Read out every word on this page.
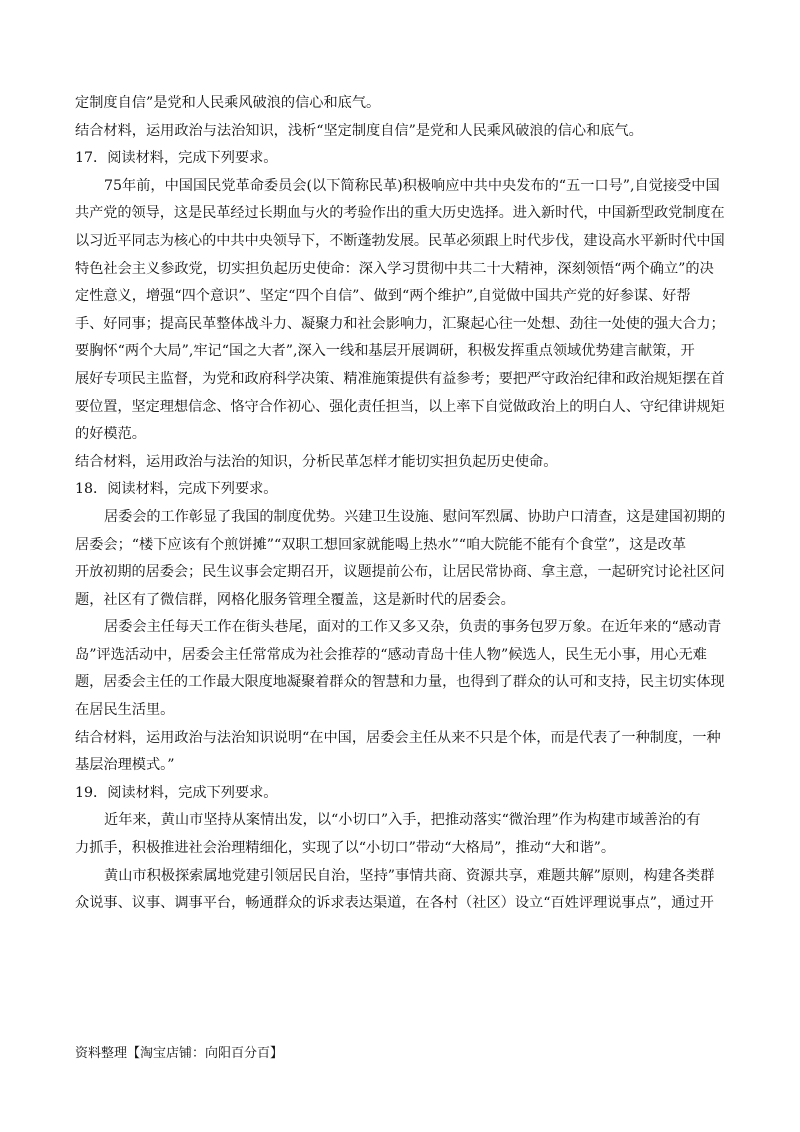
定制度自信”是党和人民乘风破浪的信心和底气。
结合材料，运用政治与法治知识，浅析“坚定制度自信”是党和人民乘风破浪的信心和底气。
17．阅读材料，完成下列要求。
75年前，中国国民党革命委员会(以下简称民革)积极响应中共中央发布的“五一口号”,自觉接受中国
共产党的领导，这是民革经过长期血与火的考验作出的重大历史选择。进入新时代，中国新型政党制度在
以习近平同志为核心的中共中央领导下，不断蓬勃发展。民革必须跟上时代步伐，建设高水平新时代中国
特色社会主义参政党，切实担负起历史使命：深入学习贯彻中共二十大精神，深刻领悟“两个确立”的决
定性意义，增强“四个意识”、坚定“四个自信”、做到“两个维护”,自觉做中国共产党的好参谋、好帮
手、好同事；提高民革整体战斗力、凝聚力和社会影响力，汇聚起心往一处想、劲往一处使的强大合力；
要胸怀“两个大局”,牢记“国之大者”,深入一线和基层开展调研，积极发挥重点领域优势建言献策，开
展好专项民主监督，为党和政府科学决策、精准施策提供有益参考；要把严守政治纪律和政治规矩摆在首
要位置，坚定理想信念、恪守合作初心、强化责任担当，以上率下自觉做政治上的明白人、守纪律讲规矩
的好模范。
结合材料，运用政治与法治的知识，分析民革怎样才能切实担负起历史使命。
18．阅读材料，完成下列要求。
居委会的工作彰显了我国的制度优势。兴建卫生设施、慰问军烈属、协助户口清查，这是建国初期的
居委会；“楼下应该有个煎饼摊”“双职工想回家就能喝上热水”“咱大院能不能有个食堂”，这是改革
开放初期的居委会；民生议事会定期召开，议题提前公布，让居民常协商、拿主意，一起研究讨论社区问
题，社区有了微信群，网格化服务管理全覆盖，这是新时代的居委会。
居委会主任每天工作在街头巷尾，面对的工作又多又杂，负责的事务包罗万象。在近年来的“感动青
岛”评选活动中，居委会主任常常成为社会推荐的“感动青岛十佳人物”候选人，民生无小事，用心无难
题，居委会主任的工作最大限度地凝聚着群众的智慧和力量，也得到了群众的认可和支持，民主切实体现
在居民生活里。
结合材料，运用政治与法治知识说明“在中国，居委会主任从来不只是个体，而是代表了一种制度，一种
基层治理模式。”
19．阅读材料，完成下列要求。
近年来，黄山市坚持从案情出发，以“小切口”入手，把推动落实“微治理”作为构建市域善治的有
力抓手，积极推进社会治理精细化，实现了以“小切口”带动“大格局”，推动“大和谐”。
黄山市积极探索属地党建引领居民自治，坚持”事情共商、资源共享，难题共解”原则，构建各类群
众说事、议事、调事平台，畅通群众的诉求表达渠道，在各村（社区）设立“百姓评理说事点”，通过开
资料整理【淘宝店铺：向阳百分百】
